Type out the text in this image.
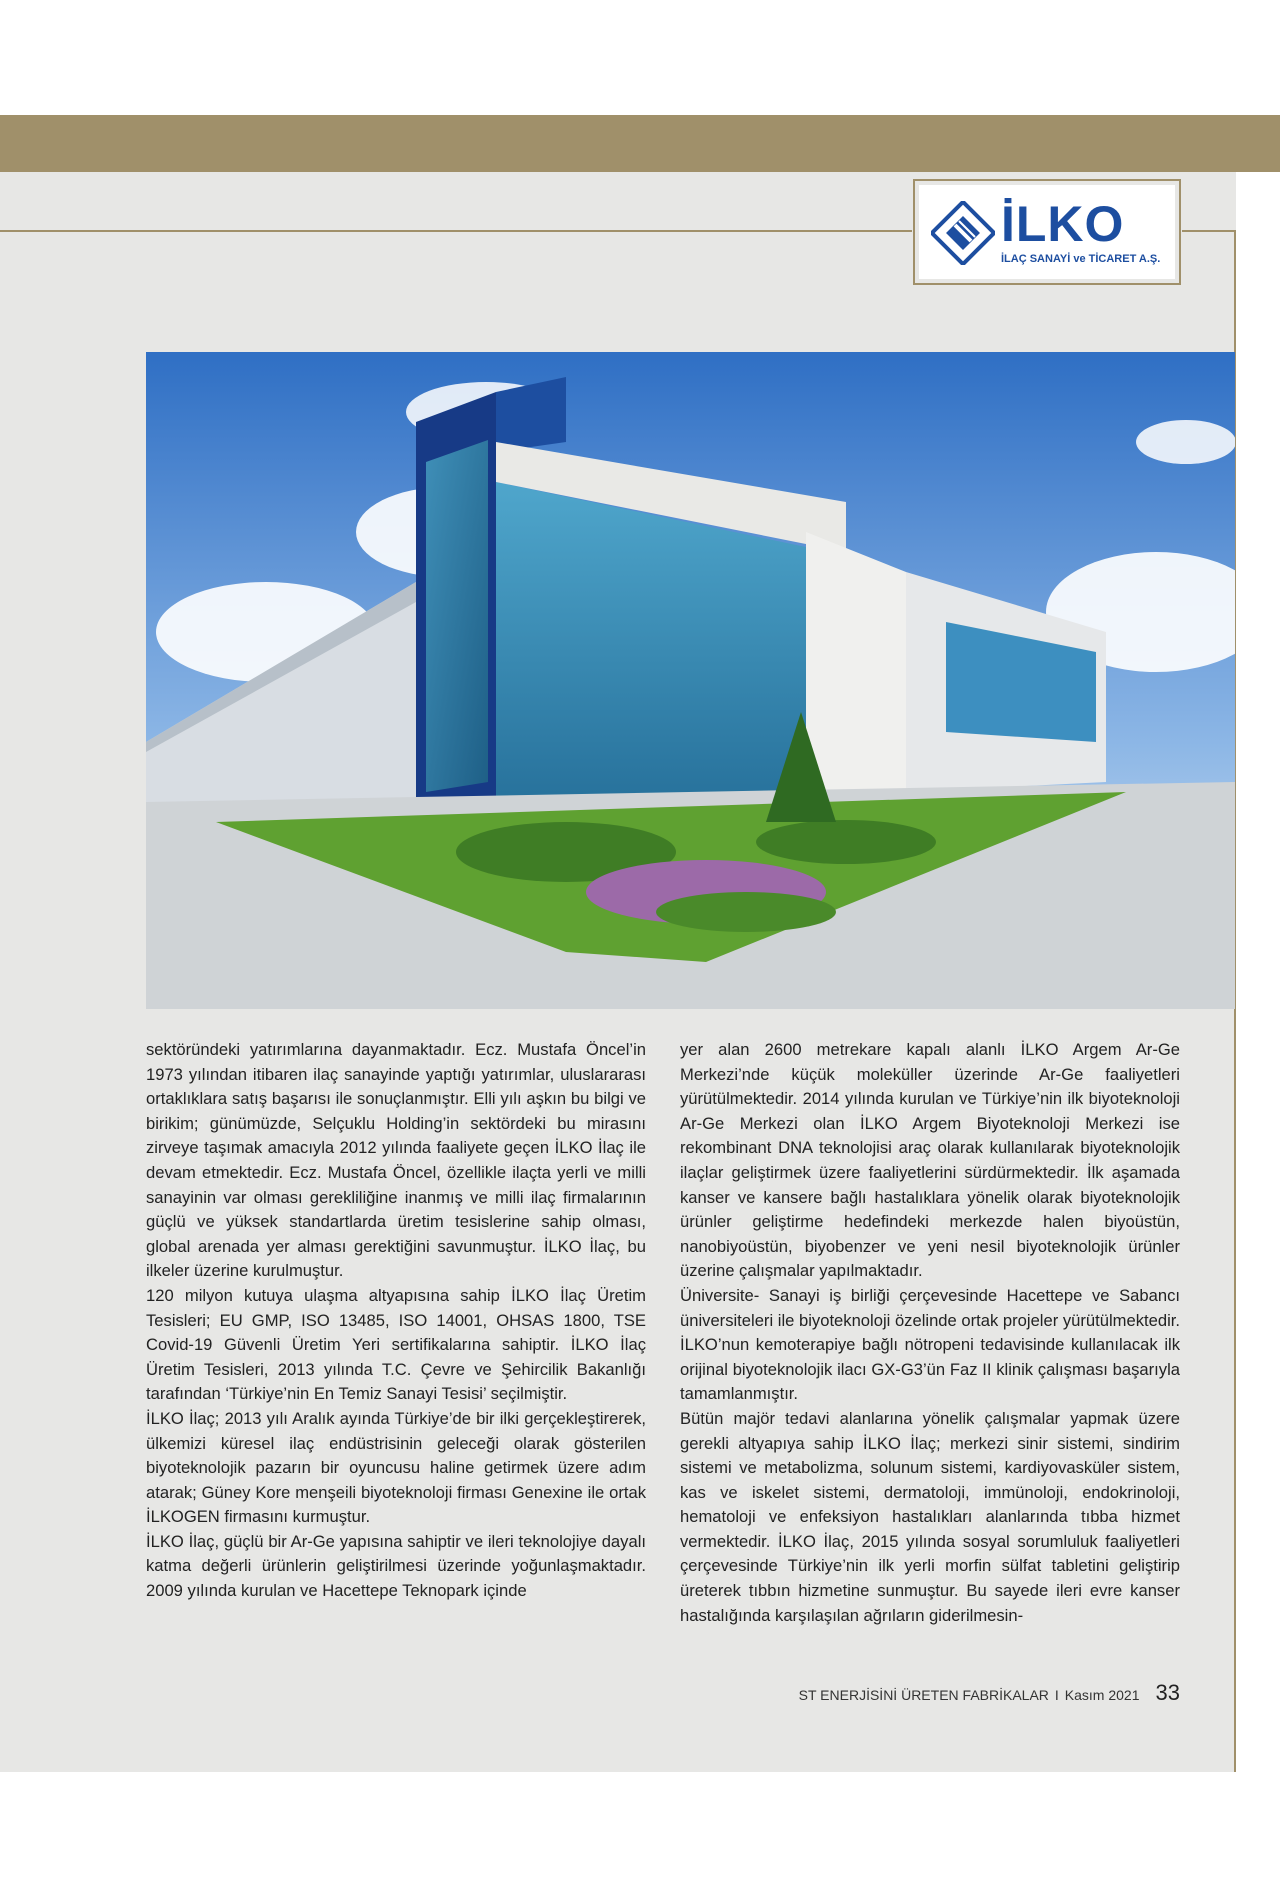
İLKO
İLAÇ SANAYİ ve TİCARET A.Ş.

sektöründeki yatırımlarına dayanmaktadır. Ecz. Mustafa Öncel’in 1973 yılından itibaren ilaç sanayinde yaptığı yatırımlar, uluslararası ortaklıklara satış başarısı ile sonuçlanmıştır. Elli yılı aşkın bu bilgi ve birikim; günümüzde, Selçuklu Holding’in sektördeki bu mirasını zirveye taşımak amacıyla 2012 yılında faaliyete geçen İLKO İlaç ile devam etmektedir. Ecz. Mustafa Öncel, özellikle ilaçta yerli ve milli sanayinin var olması gerekliliğine inanmış ve milli ilaç firmalarının güçlü ve yüksek standartlarda üretim tesislerine sahip olması, global arenada yer alması gerektiğini savunmuştur. İLKO İlaç, bu ilkeler üzerine kurulmuştur.

120 milyon kutuya ulaşma altyapısına sahip İLKO İlaç Üretim Tesisleri; EU GMP, ISO 13485, ISO 14001, OHSAS 1800, TSE Covid-19 Güvenli Üretim Yeri sertifikalarına sahiptir. İLKO İlaç Üretim Tesisleri, 2013 yılında T.C. Çevre ve Şehircilik Bakanlığı tarafından ‘Türkiye’nin En Temiz Sanayi Tesisi’ seçilmiştir.

İLKO İlaç; 2013 yılı Aralık ayında Türkiye’de bir ilki gerçekleştirerek, ülkemizi küresel ilaç endüstrisinin geleceği olarak gösterilen biyoteknolojik pazarın bir oyuncusu haline getirmek üzere adım atarak; Güney Kore menşeili biyoteknoloji firması Genexine ile ortak İLKOGEN firmasını kurmuştur.

İLKO İlaç, güçlü bir Ar-Ge yapısına sahiptir ve ileri teknolojiye dayalı katma değerli ürünlerin geliştirilmesi üzerinde yoğunlaşmaktadır. 2009 yılında kurulan ve Hacettepe Teknopark içinde

yer alan 2600 metrekare kapalı alanlı İLKO Argem Ar-Ge Merkezi’nde küçük moleküller üzerinde Ar-Ge faaliyetleri yürütülmektedir. 2014 yılında kurulan ve Türkiye’nin ilk biyoteknoloji Ar-Ge Merkezi olan İLKO Argem Biyoteknoloji Merkezi ise rekombinant DNA teknolojisi araç olarak kullanılarak biyoteknolojik ilaçlar geliştirmek üzere faaliyetlerini sürdürmektedir. İlk aşamada kanser ve kansere bağlı hastalıklara yönelik olarak biyoteknolojik ürünler geliştirme hedefindeki merkezde halen biyoüstün, nanobiyoüstün, biyobenzer ve yeni nesil biyoteknolojik ürünler üzerine çalışmalar yapılmaktadır.

Üniversite- Sanayi iş birliği çerçevesinde Hacettepe ve Sabancı üniversiteleri ile biyoteknoloji özelinde ortak projeler yürütülmektedir. İLKO’nun kemoterapiye bağlı nötropeni tedavisinde kullanılacak ilk orijinal biyoteknolojik ilacı GX-G3’ün Faz II klinik çalışması başarıyla tamamlanmıştır.

Bütün majör tedavi alanlarına yönelik çalışmalar yapmak üzere gerekli altyapıya sahip İLKO İlaç; merkezi sinir sistemi, sindirim sistemi ve metabolizma, solunum sistemi, kardiyovasküler sistem, kas ve iskelet sistemi, dermatoloji, immünoloji, endokrinoloji, hematoloji ve enfeksiyon hastalıkları alanlarında tıbba hizmet vermektedir. İLKO İlaç, 2015 yılında sosyal sorumluluk faaliyetleri çerçevesinde Türkiye’nin ilk yerli morfin sülfat tabletini geliştirip üreterek tıbbın hizmetine sunmuştur. Bu sayede ileri evre kanser hastalığında karşılaşılan ağrıların giderilmesin-

ST ENERJİSİNİ ÜRETEN FABRİKALAR I Kasım 2021 33
